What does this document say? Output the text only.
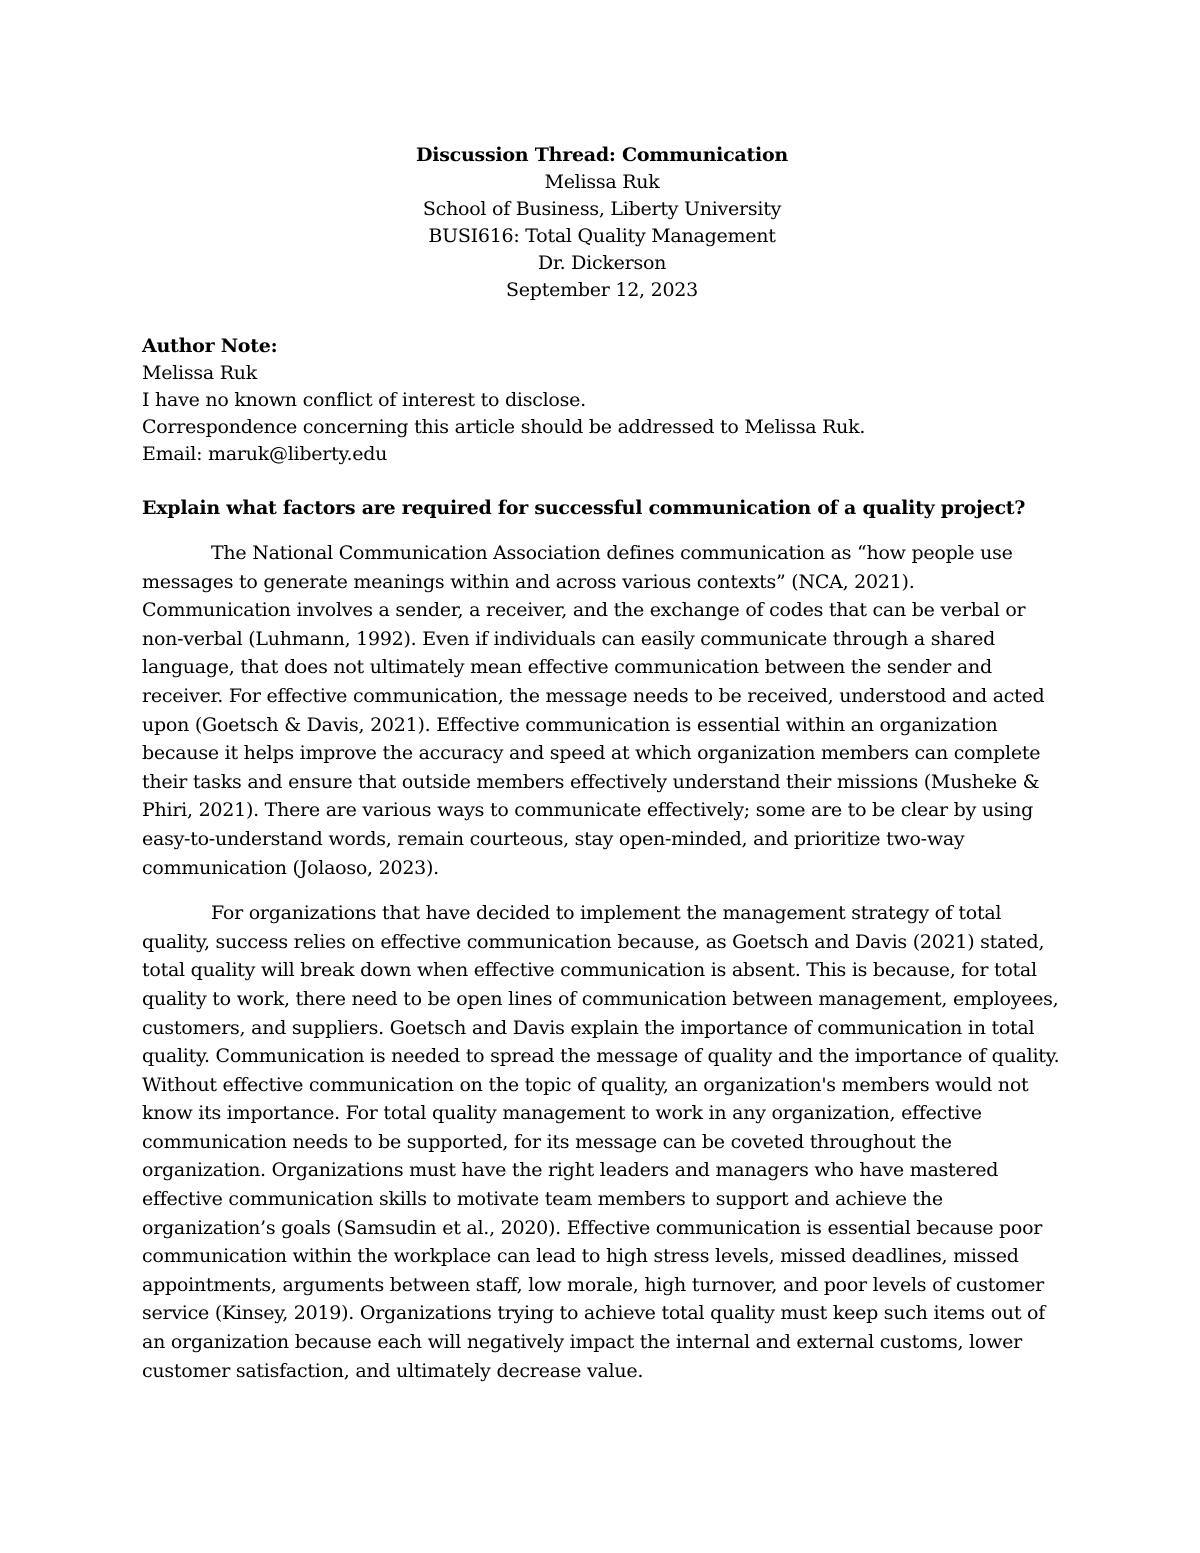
Discussion Thread: Communication
Melissa Ruk
School of Business, Liberty University
BUSI616: Total Quality Management
Dr. Dickerson
September 12, 2023
Author Note:
Melissa Ruk
I have no known conflict of interest to disclose.
Correspondence concerning this article should be addressed to Melissa Ruk.
Email: maruk@liberty.edu
Explain what factors are required for successful communication of a quality project?
The National Communication Association defines communication as “how people use
messages to generate meanings within and across various contexts” (NCA, 2021).
Communication involves a sender, a receiver, and the exchange of codes that can be verbal or
non-verbal (Luhmann, 1992). Even if individuals can easily communicate through a shared
language, that does not ultimately mean effective communication between the sender and
receiver. For effective communication, the message needs to be received, understood and acted
upon (Goetsch & Davis, 2021). Effective communication is essential within an organization
because it helps improve the accuracy and speed at which organization members can complete
their tasks and ensure that outside members effectively understand their missions (Musheke &
Phiri, 2021). There are various ways to communicate effectively; some are to be clear by using
easy-to-understand words, remain courteous, stay open-minded, and prioritize two-way
communication (Jolaoso, 2023).
For organizations that have decided to implement the management strategy of total
quality, success relies on effective communication because, as Goetsch and Davis (2021) stated,
total quality will break down when effective communication is absent. This is because, for total
quality to work, there need to be open lines of communication between management, employees,
customers, and suppliers. Goetsch and Davis explain the importance of communication in total
quality. Communication is needed to spread the message of quality and the importance of quality.
Without effective communication on the topic of quality, an organization's members would not
know its importance. For total quality management to work in any organization, effective
communication needs to be supported, for its message can be coveted throughout the
organization. Organizations must have the right leaders and managers who have mastered
effective communication skills to motivate team members to support and achieve the
organization’s goals (Samsudin et al., 2020). Effective communication is essential because poor
communication within the workplace can lead to high stress levels, missed deadlines, missed
appointments, arguments between staff, low morale, high turnover, and poor levels of customer
service (Kinsey, 2019). Organizations trying to achieve total quality must keep such items out of
an organization because each will negatively impact the internal and external customs, lower
customer satisfaction, and ultimately decrease value.
